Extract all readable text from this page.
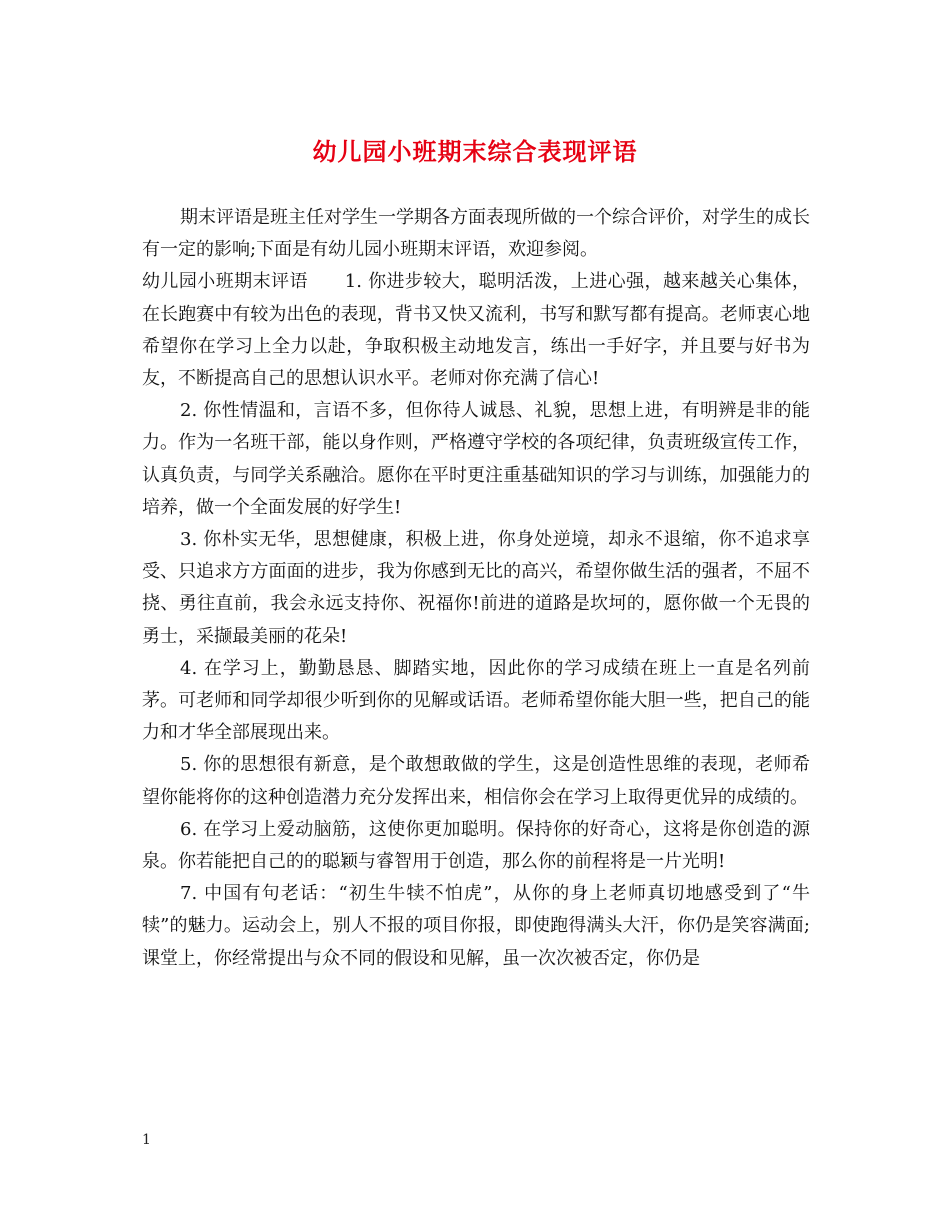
幼儿园小班期末综合表现评语

期末评语是班主任对学生一学期各方面表现所做的一个综合评价，对学生的成长有一定的影响;下面是有幼儿园小班期末评语，欢迎参阅。

幼儿园小班期末评语　　1. 你进步较大，聪明活泼，上进心强，越来越关心集体，在长跑赛中有较为出色的表现，背书又快又流利，书写和默写都有提高。老师衷心地希望你在学习上全力以赴，争取积极主动地发言，练出一手好字，并且要与好书为友，不断提高自己的思想认识水平。老师对你充满了信心!

2. 你性情温和，言语不多，但你待人诚恳、礼貌，思想上进，有明辨是非的能力。作为一名班干部，能以身作则，严格遵守学校的各项纪律，负责班级宣传工作，认真负责，与同学关系融洽。愿你在平时更注重基础知识的学习与训练，加强能力的培养，做一个全面发展的好学生!

3. 你朴实无华，思想健康，积极上进，你身处逆境，却永不退缩，你不追求享受、只追求方方面面的进步，我为你感到无比的高兴，希望你做生活的强者，不屈不挠、勇往直前，我会永远支持你、祝福你!前进的道路是坎坷的，愿你做一个无畏的勇士，采撷最美丽的花朵!

4. 在学习上，勤勤恳恳、脚踏实地，因此你的学习成绩在班上一直是名列前茅。可老师和同学却很少听到你的见解或话语。老师希望你能大胆一些，把自己的能力和才华全部展现出来。

5. 你的思想很有新意，是个敢想敢做的学生，这是创造性思维的表现，老师希望你能将你的这种创造潜力充分发挥出来，相信你会在学习上取得更优异的成绩的。

6. 在学习上爱动脑筋，这使你更加聪明。保持你的好奇心，这将是你创造的源泉。你若能把自己的的聪颖与睿智用于创造，那么你的前程将是一片光明!

7. 中国有句老话：“初生牛犊不怕虎”，从你的身上老师真切地感受到了“牛犊”的魅力。运动会上，别人不报的项目你报，即使跑得满头大汗，你仍是笑容满面;课堂上，你经常提出与众不同的假设和见解，虽一次次被否定，你仍是

1
